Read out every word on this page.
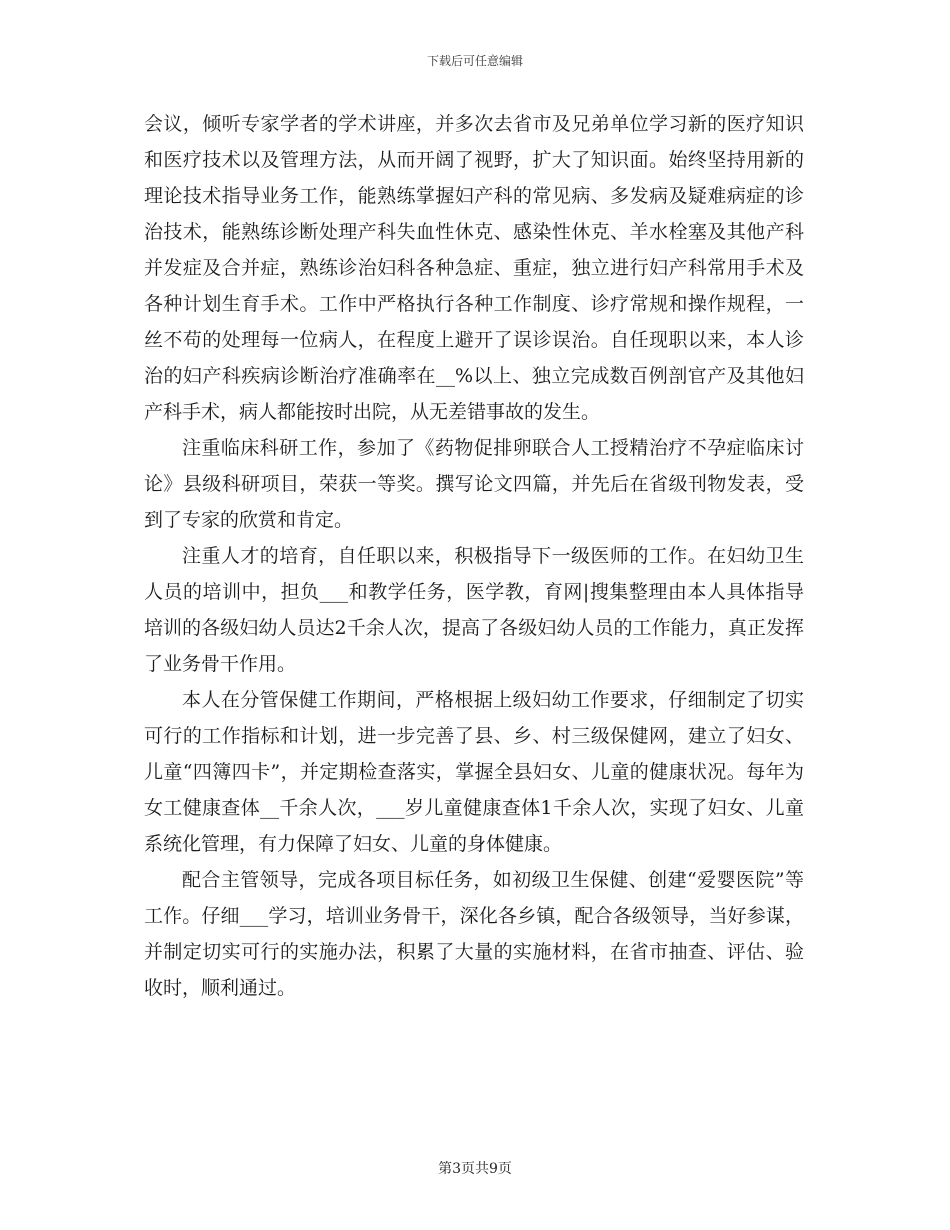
下载后可任意编辑

会议，倾听专家学者的学术讲座，并多次去省市及兄弟单位学习新的医疗知识和医疗技术以及管理方法，从而开阔了视野，扩大了知识面。始终坚持用新的理论技术指导业务工作，能熟练掌握妇产科的常见病、多发病及疑难病症的诊治技术，能熟练诊断处理产科失血性休克、感染性休克、羊水栓塞及其他产科并发症及合并症，熟练诊治妇科各种急症、重症，独立进行妇产科常用手术及各种计划生育手术。工作中严格执行各种工作制度、诊疗常规和操作规程，一丝不苟的处理每一位病人，在程度上避开了误诊误治。自任现职以来，本人诊治的妇产科疾病诊断治疗准确率在__%以上、独立完成数百例剖官产及其他妇产科手术，病人都能按时出院，从无差错事故的发生。

注重临床科研工作，参加了《药物促排卵联合人工授精治疗不孕症临床讨论》县级科研项目，荣获一等奖。撰写论文四篇，并先后在省级刊物发表，受到了专家的欣赏和肯定。

注重人才的培育，自任职以来，积极指导下一级医师的工作。在妇幼卫生人员的培训中，担负___和教学任务，医学教，育网|搜集整理由本人具体指导培训的各级妇幼人员达2千余人次，提高了各级妇幼人员的工作能力，真正发挥了业务骨干作用。

本人在分管保健工作期间，严格根据上级妇幼工作要求，仔细制定了切实可行的工作指标和计划，进一步完善了县、乡、村三级保健网，建立了妇女、儿童“四簿四卡”，并定期检查落实，掌握全县妇女、儿童的健康状况。每年为女工健康查体__千余人次，___岁儿童健康查体1千余人次，实现了妇女、儿童系统化管理，有力保障了妇女、儿童的身体健康。

配合主管领导，完成各项目标任务，如初级卫生保健、创建“爱婴医院”等工作。仔细___学习，培训业务骨干，深化各乡镇，配合各级领导，当好参谋，并制定切实可行的实施办法，积累了大量的实施材料，在省市抽查、评估、验收时，顺利通过。

第3页共9页
